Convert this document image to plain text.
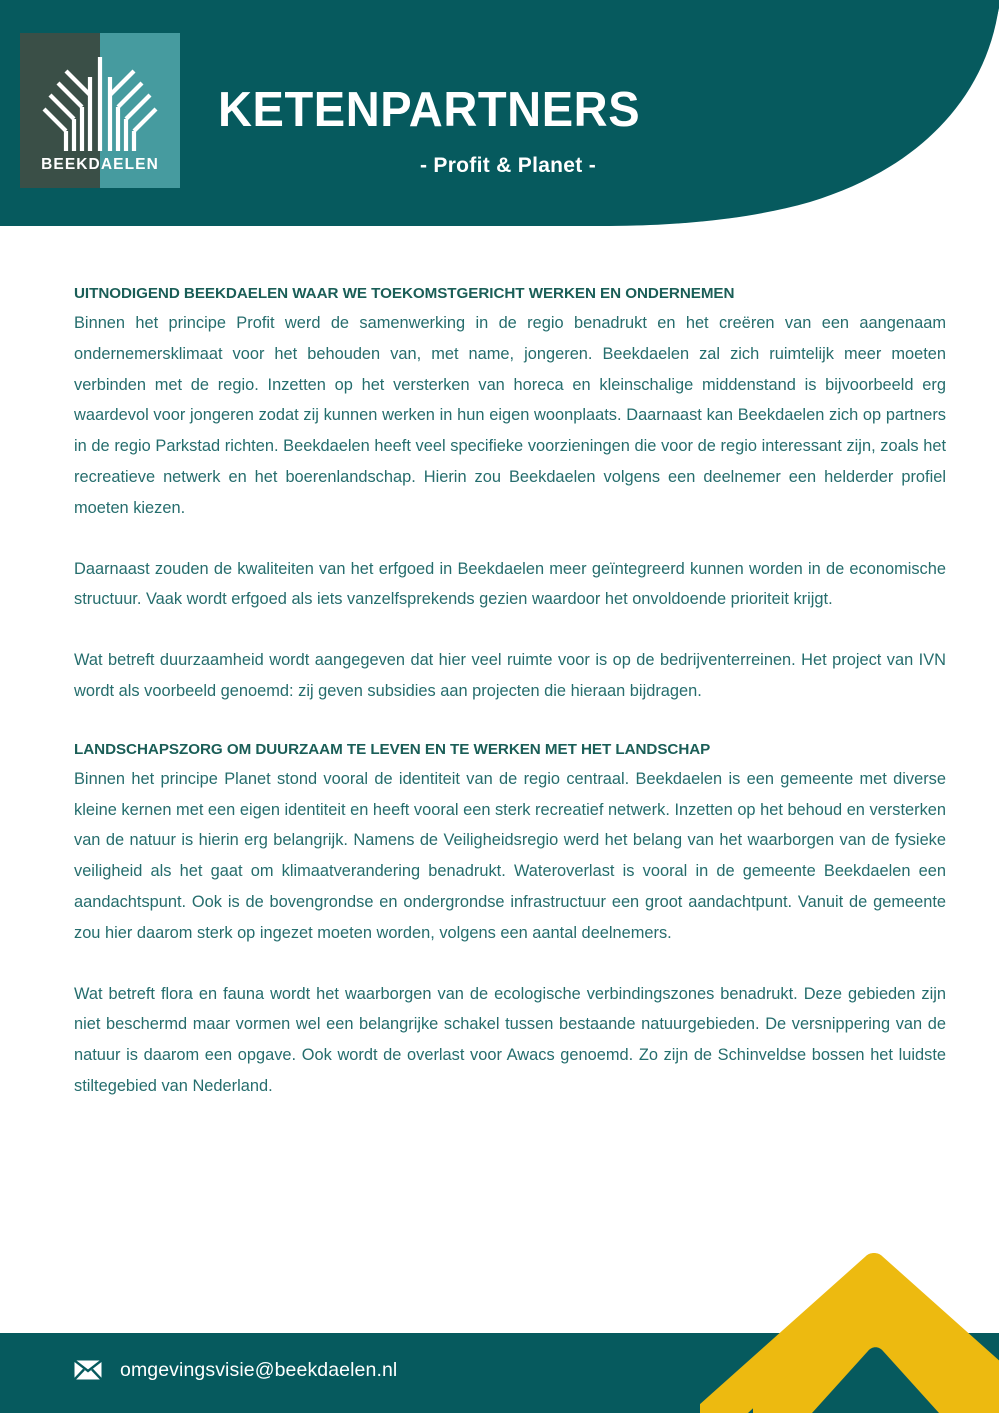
BEEKDAELEN
KETENPARTNERS
- Profit & Planet -
UITNODIGEND BEEKDAELEN WAAR WE TOEKOMSTGERICHT WERKEN EN ONDERNEMEN

Binnen het principe Profit werd de samenwerking in de regio benadrukt en het creëren van een aangenaam ondernemersklimaat voor het behouden van, met name, jongeren. Beekdaelen zal zich ruimtelijk meer moeten verbinden met de regio. Inzetten op het versterken van horeca en kleinschalige middenstand is bijvoorbeeld erg waardevol voor jongeren zodat zij kunnen werken in hun eigen woonplaats. Daarnaast kan Beekdaelen zich op partners in de regio Parkstad richten. Beekdaelen heeft veel specifieke voorzieningen die voor de regio interessant zijn, zoals het recreatieve netwerk en het boerenlandschap. Hierin zou Beekdaelen volgens een deelnemer een helderder profiel moeten kiezen.

Daarnaast zouden de kwaliteiten van het erfgoed in Beekdaelen meer geïntegreerd kunnen worden in de economische structuur. Vaak wordt erfgoed als iets vanzelfsprekends gezien waardoor het onvoldoende prioriteit krijgt.

Wat betreft duurzaamheid wordt aangegeven dat hier veel ruimte voor is op de bedrijventerreinen. Het project van IVN wordt als voorbeeld genoemd: zij geven subsidies aan projecten die hieraan bijdragen.

LANDSCHAPSZORG OM DUURZAAM TE LEVEN EN TE WERKEN MET HET LANDSCHAP

Binnen het principe Planet stond vooral de identiteit van de regio centraal. Beekdaelen is een gemeente met diverse kleine kernen met een eigen identiteit en heeft vooral een sterk recreatief netwerk. Inzetten op het behoud en versterken van de natuur is hierin erg belangrijk. Namens de Veiligheidsregio werd het belang van het waarborgen van de fysieke veiligheid als het gaat om klimaatverandering benadrukt. Wateroverlast is vooral in de gemeente Beekdaelen een aandachtspunt. Ook is de bovengrondse en ondergrondse infrastructuur een groot aandachtpunt. Vanuit de gemeente zou hier daarom sterk op ingezet moeten worden, volgens een aantal deelnemers.

Wat betreft flora en fauna wordt het waarborgen van de ecologische verbindingszones benadrukt. Deze gebieden zijn niet beschermd maar vormen wel een belangrijke schakel tussen bestaande natuurgebieden. De versnippering van de natuur is daarom een opgave. Ook wordt de overlast voor Awacs genoemd. Zo zijn de Schinveldse bossen het luidste stiltegebied van Nederland.

omgevingsvisie@beekdaelen.nl
